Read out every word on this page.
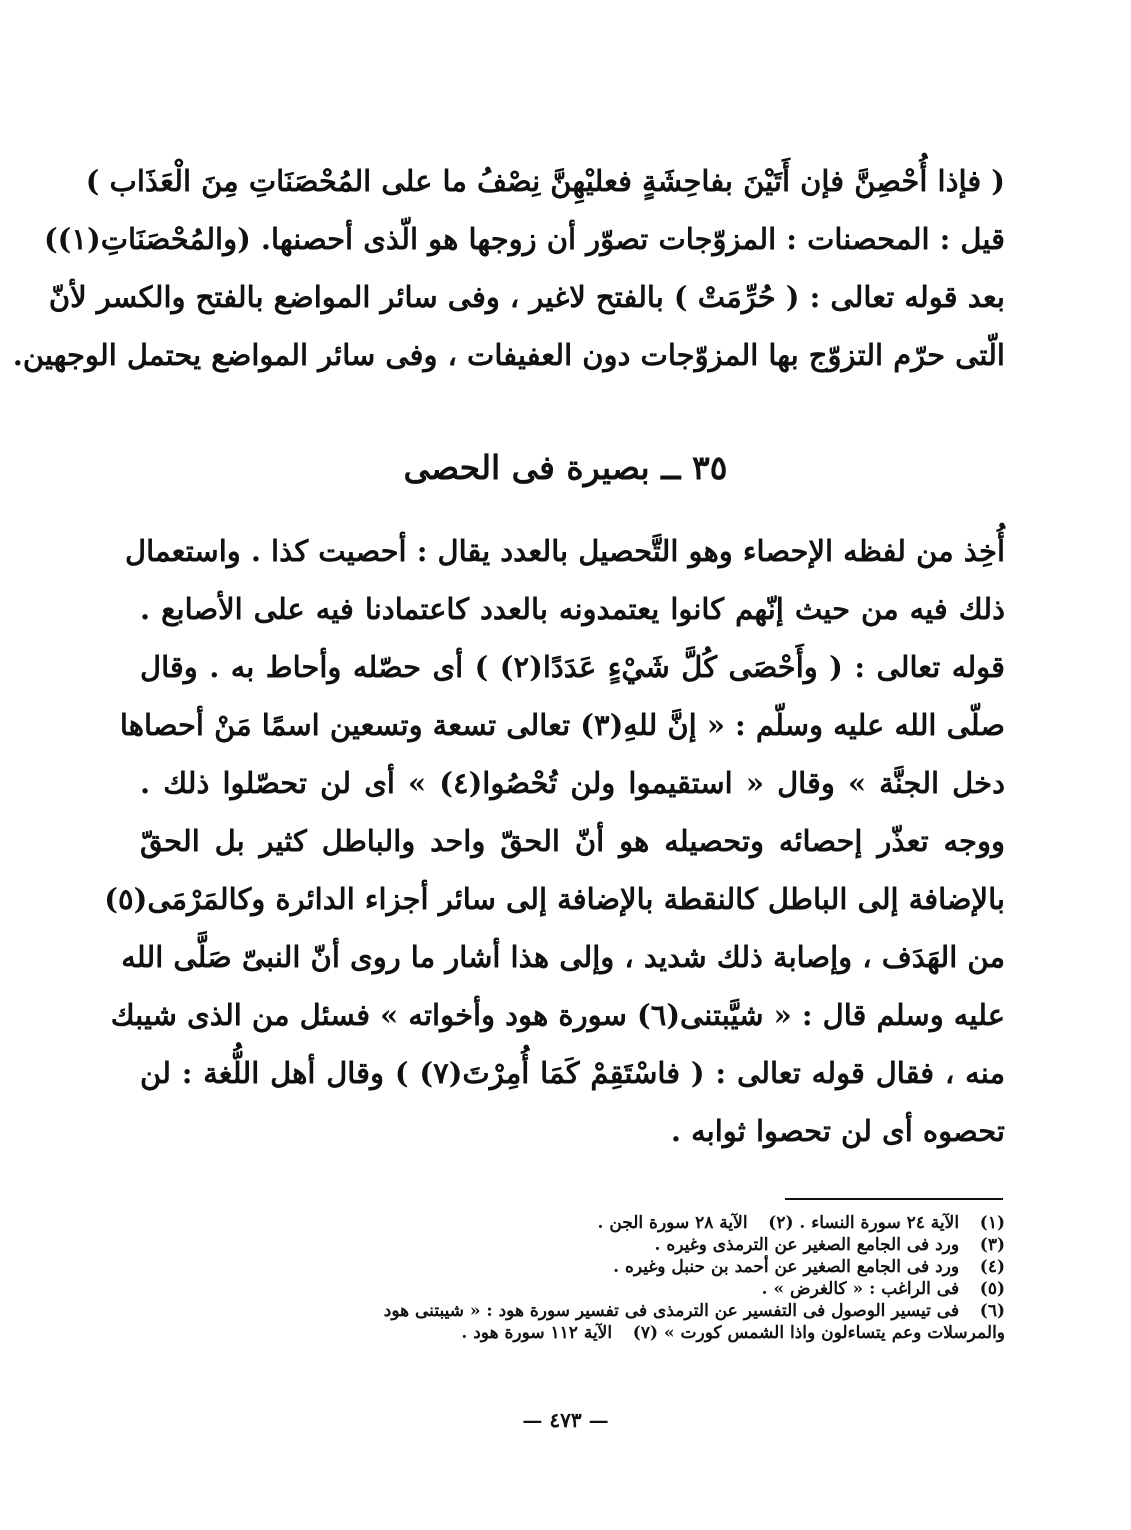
( فإذا أُحْصِنَّ فإن أَتَيْنَ بفاحِشَةٍ فعليْهِنَّ نِصْفُ ما على المُحْصَنَاتِ مِنَ الْعَذَاب )
قيل : المحصنات : المزوّجات تصوّر أن زوجها هو الّذى أحصنها. (والمُحْصَنَاتِ(١))
بعد قوله تعالى : ( حُرِّمَتْ ) بالفتح لاغير ، وفى سائر المواضع بالفتح والكسر لأنّ
الّتى حرّم التزوّج بها المزوّجات دون العفيفات ، وفى سائر المواضع يحتمل الوجهين.
٣٥ ــ بصيرة فى الحصى
أُخِذ من لفظه الإحصاء وهو التَّحصيل بالعدد يقال : أحصيت كذا . واستعمال
ذلك فيه من حيث إنّهم كانوا يعتمدونه بالعدد كاعتمادنا فيه على الأصابع .
قوله تعالى : ( وأَحْصَى كُلَّ شَيْءٍ عَدَدًا(٢) ) أى حصّله وأحاط به . وقال
صلّى الله عليه وسلّم : « إنَّ للهِ(٣) تعالى تسعة وتسعين اسمًا مَنْ أحصاها
دخل الجنَّة » وقال « استقيموا ولن تُحْصُوا(٤) » أى لن تحصّلوا ذلك .
ووجه تعذّر إحصائه وتحصيله هو أنّ الحقّ واحد والباطل كثير بل الحقّ
بالإضافة إلى الباطل كالنقطة بالإضافة إلى سائر أجزاء الدائرة وكالمَرْمَى(٥)
من الهَدَف ، وإصابة ذلك شديد ، وإلى هذا أشار ما روى أنّ النبىّ صَلَّى الله
عليه وسلم قال : « شيَّبتنى(٦) سورة هود وأخواته » فسئل من الذى شيبك
منه ، فقال قوله تعالى : ( فاسْتَقِمْ كَمَا أُمِرْتَ(٧) ) وقال أهل اللُّغة : لن
تحصوه أى لن تحصوا ثوابه .
(١) الآية ٢٤ سورة النساء . (٢) الآية ٢٨ سورة الجن .
(٣) ورد فى الجامع الصغير عن الترمذى وغيره .
(٤) ورد فى الجامع الصغير عن أحمد بن حنبل وغيره .
(٥) فى الراغب : « كالغرض » .
(٦) فى تيسير الوصول فى التفسير عن الترمذى فى تفسير سورة هود : « شيبتنى هود
والمرسلات وعم يتساءلون واذا الشمس كورت » (٧) الآية ١١٢ سورة هود .
— ٤٧٣ —
